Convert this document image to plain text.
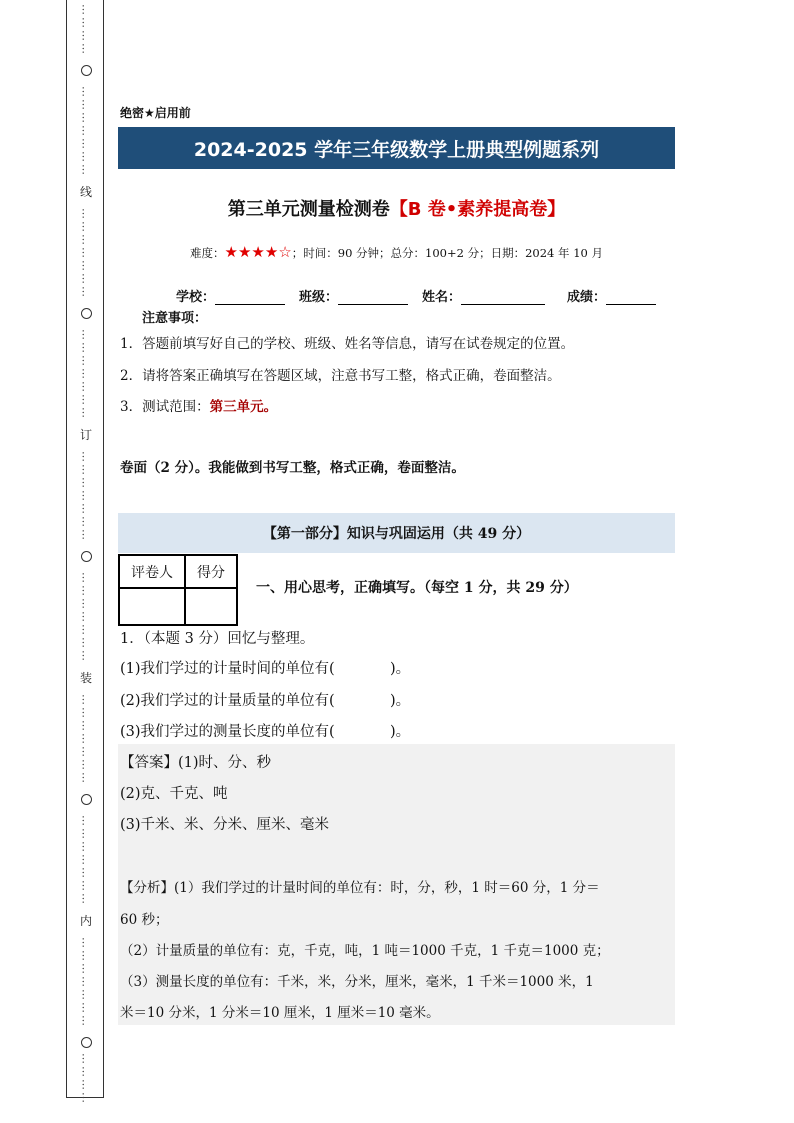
…………
…………………
线
…………………
…………………
订
…………………
…………………
装
…………………
…………………
内
…………………
…………
绝密★启用前
2024-2025 学年三年级数学上册典型例题系列
第三单元测量检测卷【B 卷•素养提高卷】
难度：★★★★☆；时间：90 分钟；总分：100+2 分；日期：2024 年 10 月
学校：	班级：	姓名：	成绩：
注意事项：
1．答题前填写好自己的学校、班级、姓名等信息，请写在试卷规定的位置。
2．请将答案正确填写在答题区域，注意书写工整，格式正确，卷面整洁。
3．测试范围：第三单元。
卷面（2 分）。我能做到书写工整，格式正确，卷面整洁。
【第一部分】知识与巩固运用（共 49 分）
评卷人	得分

一、用心思考，正确填写。（每空 1 分，共 29 分）
1．（本题 3 分）回忆与整理。
(1)我们学过的计量时间的单位有(            )。
(2)我们学过的计量质量的单位有(            )。
(3)我们学过的测量长度的单位有(            )。
【答案】(1)时、分、秒
(2)克、千克、吨
(3)千米、米、分米、厘米、毫米
【分析】(1）我们学过的计量时间的单位有：时，分，秒，1 时＝60 分，1 分＝
60 秒；
（2）计量质量的单位有：克，千克，吨，1 吨＝1000 千克，1 千克＝1000 克；
（3）测量长度的单位有：千米，米，分米，厘米，毫米，1 千米＝1000 米，1
米＝10 分米，1 分米＝10 厘米，1 厘米＝10 毫米。
